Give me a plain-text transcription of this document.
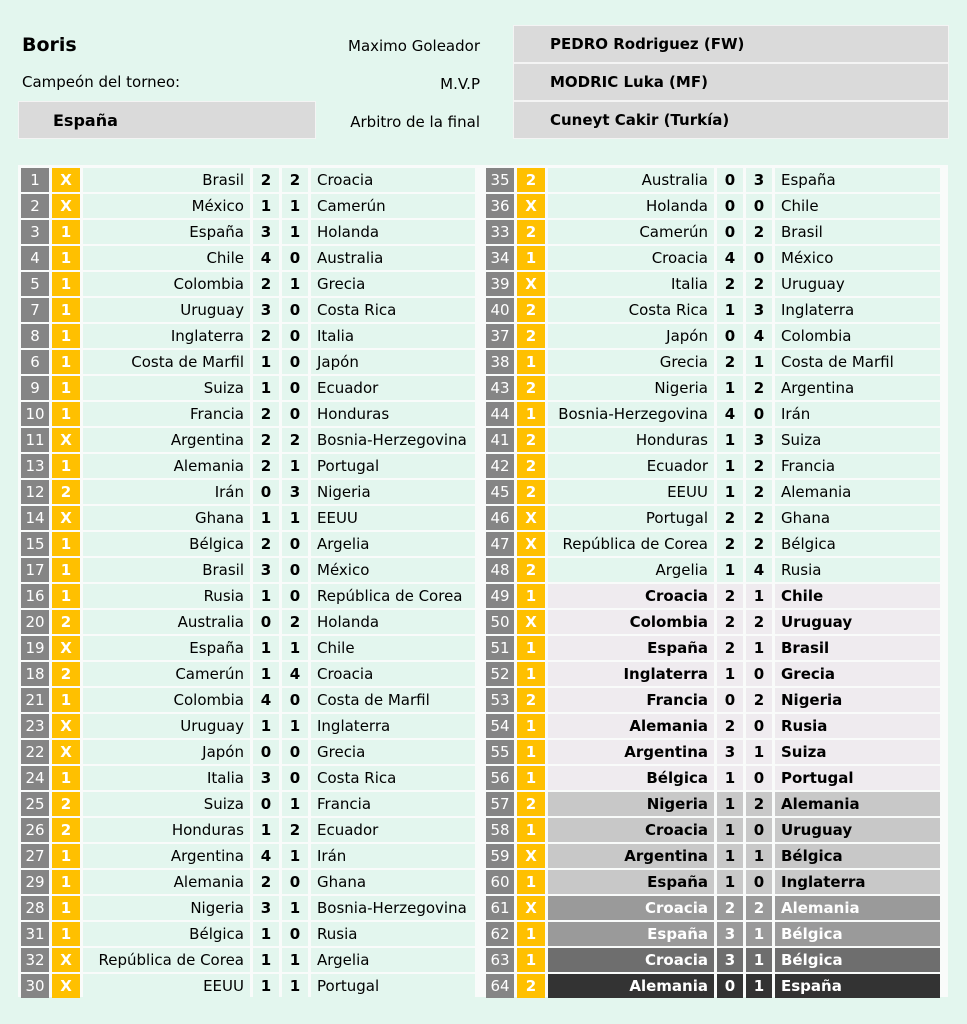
Boris
Campeón del torneo:
España
Maximo Goleador
M.V.P
Arbitro de la final
PEDRO Rodriguez (FW)
MODRIC Luka (MF)
Cuneyt Cakir (Turkía)
1	X	Brasil	2	2	Croacia
2	X	México	1	1	Camerún
3	1	España	3	1	Holanda
4	1	Chile	4	0	Australia
5	1	Colombia	2	1	Grecia
7	1	Uruguay	3	0	Costa Rica
8	1	Inglaterra	2	0	Italia
6	1	Costa de Marfil	1	0	Japón
9	1	Suiza	1	0	Ecuador
10	1	Francia	2	0	Honduras
11	X	Argentina	2	2	Bosnia-Herzegovina
13	1	Alemania	2	1	Portugal
12	2	Irán	0	3	Nigeria
14	X	Ghana	1	1	EEUU
15	1	Bélgica	2	0	Argelia
17	1	Brasil	3	0	México
16	1	Rusia	1	0	República de Corea
20	2	Australia	0	2	Holanda
19	X	España	1	1	Chile
18	2	Camerún	1	4	Croacia
21	1	Colombia	4	0	Costa de Marfil
23	X	Uruguay	1	1	Inglaterra
22	X	Japón	0	0	Grecia
24	1	Italia	3	0	Costa Rica
25	2	Suiza	0	1	Francia
26	2	Honduras	1	2	Ecuador
27	1	Argentina	4	1	Irán
29	1	Alemania	2	0	Ghana
28	1	Nigeria	3	1	Bosnia-Herzegovina
31	1	Bélgica	1	0	Rusia
32	X	República de Corea	1	1	Argelia
30	X	EEUU	1	1	Portugal
35	2	Australia	0	3	España
36	X	Holanda	0	0	Chile
33	2	Camerún	0	2	Brasil
34	1	Croacia	4	0	México
39	X	Italia	2	2	Uruguay
40	2	Costa Rica	1	3	Inglaterra
37	2	Japón	0	4	Colombia
38	1	Grecia	2	1	Costa de Marfil
43	2	Nigeria	1	2	Argentina
44	1	Bosnia-Herzegovina	4	0	Irán
41	2	Honduras	1	3	Suiza
42	2	Ecuador	1	2	Francia
45	2	EEUU	1	2	Alemania
46	X	Portugal	2	2	Ghana
47	X	República de Corea	2	2	Bélgica
48	2	Argelia	1	4	Rusia
49	1	Croacia	2	1	Chile
50	X	Colombia	2	2	Uruguay
51	1	España	2	1	Brasil
52	1	Inglaterra	1	0	Grecia
53	2	Francia	0	2	Nigeria
54	1	Alemania	2	0	Rusia
55	1	Argentina	3	1	Suiza
56	1	Bélgica	1	0	Portugal
57	2	Nigeria	1	2	Alemania
58	1	Croacia	1	0	Uruguay
59	X	Argentina	1	1	Bélgica
60	1	España	1	0	Inglaterra
61	X	Croacia	2	2	Alemania
62	1	España	3	1	Bélgica
63	1	Croacia	3	1	Bélgica
64	2	Alemania	0	1	España
